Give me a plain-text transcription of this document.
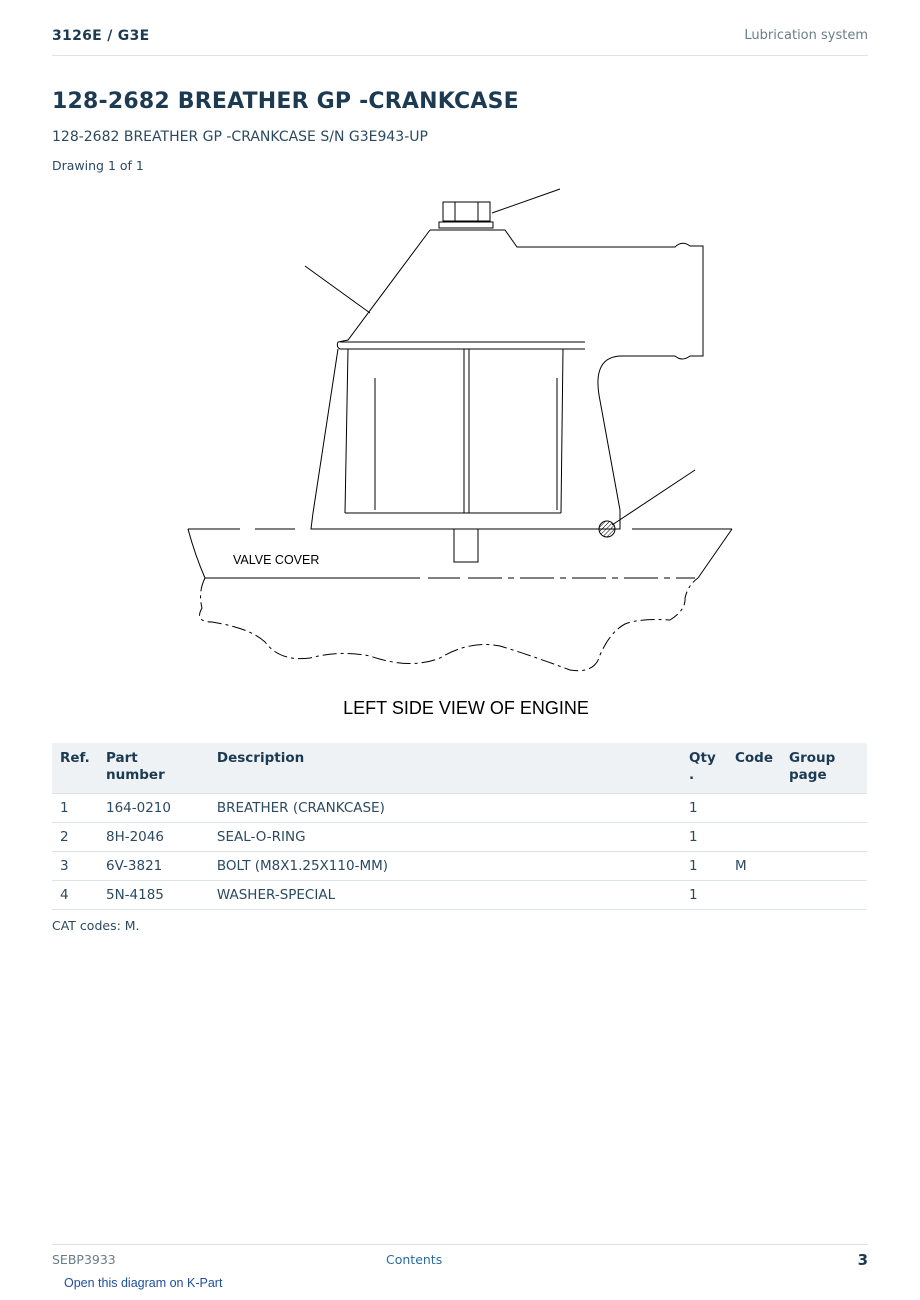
3126E / G3E	Lubrication system
128-2682 BREATHER GP -CRANKCASE
128-2682 BREATHER GP -CRANKCASE S/N G3E943-UP
Drawing 1 of 1
VALVE COVER
LEFT SIDE VIEW OF ENGINE
Ref.	Part number	Description	Qty .	Code	Group page
1	164-0210	BREATHER (CRANKCASE)	1		
2	8H-2046	SEAL-O-RING	1		
3	6V-3821	BOLT (M8X1.25X110-MM)	1	M	
4	5N-4185	WASHER-SPECIAL	1		
CAT codes: M.
SEBP3933	Contents	3
Open this diagram on K-Part
